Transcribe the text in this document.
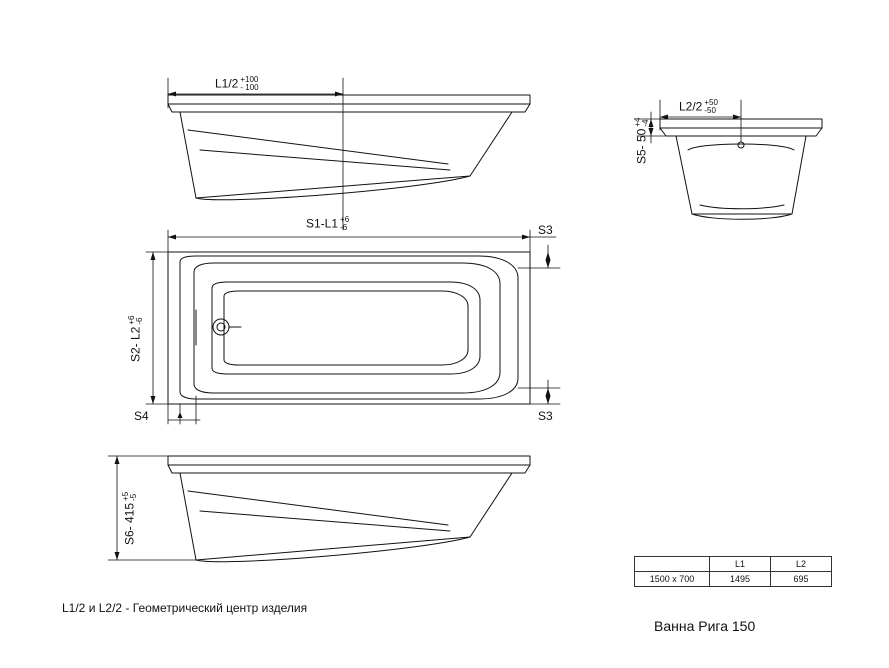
L1/2 +100
- 100
L2/2 +50
-50
S5- 50
+4 -4
S1-L1 +6
-6
S2- L2
+6 -6
S3
S3
S4
S6- 415
+5 -5
	L1	L2
1500 x 700	1495	695
L1/2 и L2/2 - Геометрический центр изделия
Ванна Рига 150
